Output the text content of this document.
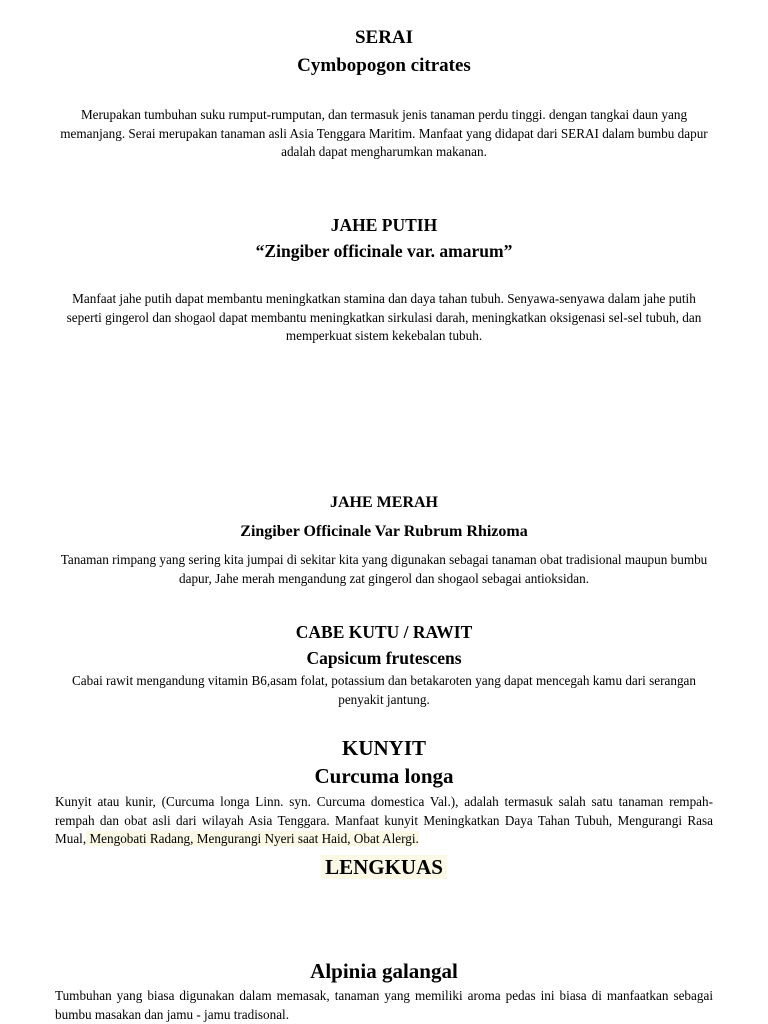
SERAI
Cymbopogon citrates

Merupakan tumbuhan suku rumput-rumputan, dan termasuk jenis tanaman perdu tinggi. dengan tangkai daun yang memanjang. Serai merupakan tanaman asli Asia Tenggara Maritim. Manfaat yang didapat dari SERAI dalam bumbu dapur adalah dapat mengharumkan makanan.

JAHE PUTIH
“Zingiber officinale var. amarum”

Manfaat jahe putih dapat membantu meningkatkan stamina dan daya tahan tubuh. Senyawa-senyawa dalam jahe putih seperti gingerol dan shogaol dapat membantu meningkatkan sirkulasi darah, meningkatkan oksigenasi sel-sel tubuh, dan memperkuat sistem kekebalan tubuh.

JAHE MERAH
Zingiber Officinale Var Rubrum Rhizoma

Tanaman rimpang yang sering kita jumpai di sekitar kita yang digunakan sebagai tanaman obat tradisional maupun bumbu dapur, Jahe merah mengandung zat gingerol dan shogaol sebagai antioksidan.

CABE KUTU / RAWIT
Capsicum frutescens

Cabai rawit mengandung vitamin B6,asam folat, potassium dan betakaroten yang dapat mencegah kamu dari serangan penyakit jantung.

KUNYIT
Curcuma longa

Kunyit atau kunir, (Curcuma longa Linn. syn. Curcuma domestica Val.), adalah termasuk salah satu tanaman rempah-rempah dan obat asli dari wilayah Asia Tenggara. Manfaat kunyit Meningkatkan Daya Tahan Tubuh, Mengurangi Rasa Mual, Mengobati Radang, Mengurangi Nyeri saat Haid, Obat Alergi.

LENGKUAS
Alpinia galangal

Tumbuhan yang biasa digunakan dalam memasak, tanaman yang memiliki aroma pedas ini biasa di manfaatkan sebagai bumbu masakan dan jamu - jamu tradisonal.
